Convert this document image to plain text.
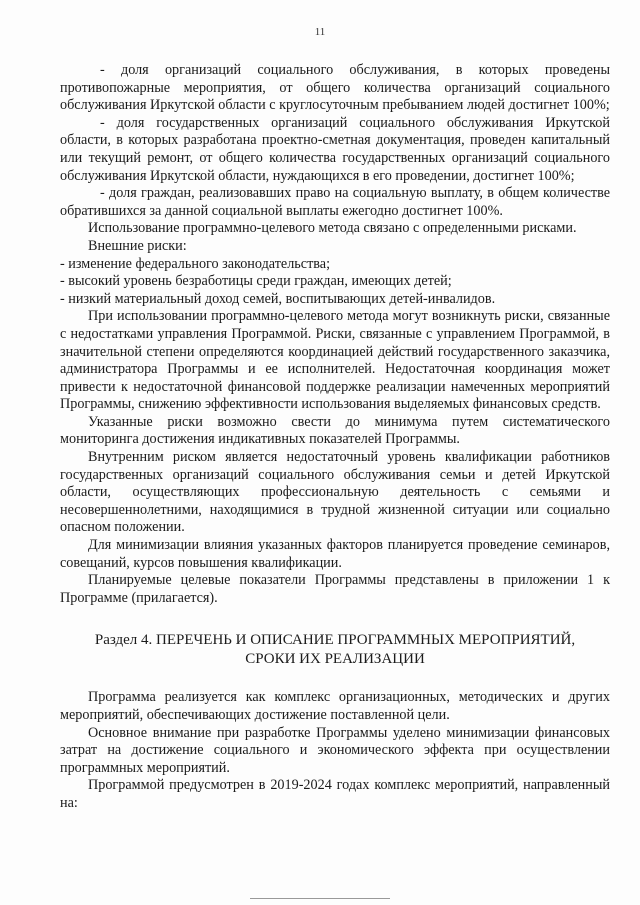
11

- доля организаций социального обслуживания, в которых проведены противопожарные мероприятия, от общего количества организаций социального обслуживания Иркутской области с круглосуточным пребыванием людей достигнет 100%;

- доля государственных организаций социального обслуживания Иркутской области, в которых разработана проектно-сметная документация, проведен капитальный или текущий ремонт, от общего количества государственных организаций социального обслуживания Иркутской области, нуждающихся в его проведении, достигнет 100%;

- доля граждан, реализовавших право на социальную выплату, в общем количестве обратившихся за данной социальной выплаты ежегодно достигнет 100%.

Использование программно-целевого метода связано с определенными рисками.

Внешние риски:

- изменение федерального законодательства;

- высокий уровень безработицы среди граждан, имеющих детей;

- низкий материальный доход семей, воспитывающих детей-инвалидов.

При использовании программно-целевого метода могут возникнуть риски, связанные с недостатками управления Программой. Риски, связанные с управлением Программой, в значительной степени определяются координацией действий государственного заказчика, администратора Программы и ее исполнителей. Недостаточная координация может привести к недостаточной финансовой поддержке реализации намеченных мероприятий Программы, снижению эффективности использования выделяемых финансовых средств.

Указанные риски возможно свести до минимума путем систематического мониторинга достижения индикативных показателей Программы.

Внутренним риском является недостаточный уровень квалификации работников государственных организаций социального обслуживания семьи и детей Иркутской области, осуществляющих профессиональную деятельность с семьями и несовершеннолетними, находящимися в трудной жизненной ситуации или социально опасном положении.

Для минимизации влияния указанных факторов планируется проведение семинаров, совещаний, курсов повышения квалификации.

Планируемые целевые показатели Программы представлены в приложении 1 к Программе (прилагается).

Раздел 4. ПЕРЕЧЕНЬ И ОПИСАНИЕ ПРОГРАММНЫХ МЕРОПРИЯТИЙ,
СРОКИ ИХ РЕАЛИЗАЦИИ

Программа реализуется как комплекс организационных, методических и других мероприятий, обеспечивающих достижение поставленной цели.

Основное внимание при разработке Программы уделено минимизации финансовых затрат на достижение социального и экономического эффекта при осуществлении программных мероприятий.

Программой предусмотрен в 2019-2024 годах комплекс мероприятий, направленный на:
